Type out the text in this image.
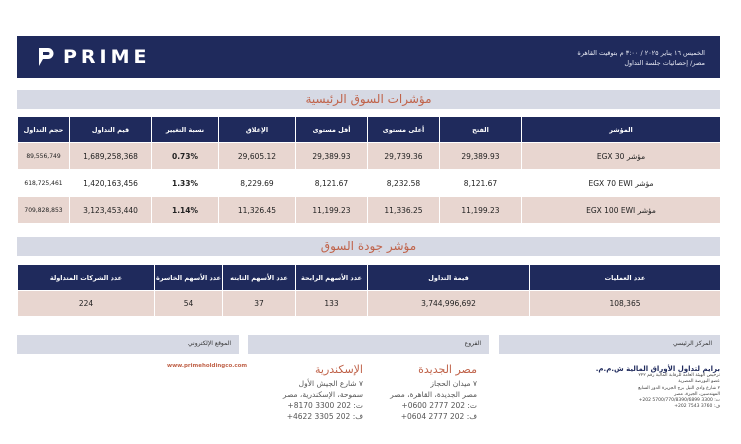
PRIME	الخميس ١٦ يناير ٢٠٢٥ / ٣:٠٠ م بتوقيت القاهرة
مصر/ إحصائيات جلسة التداول
مؤشرات السوق الرئيسية
حجم التداول	قيم التداول	نسبة التغيير	الإغلاق	أقل مستوى	أعلى مستوى	الفتح	المؤشر
89,556,749	1,689,258,368	0.73%	29,605.12	29,389.93	29,739.36	29,389.93	مؤشر EGX 30
618,725,461	1,420,163,456	1.33%	8,229.69	8,121.67	8,232.58	8,121.67	مؤشر EGX 70 EWI
709,828,853	3,123,453,440	1.14%	11,326.45	11,199.23	11,336.25	11,199.23	مؤشر EGX 100 EWI
مؤشر جودة السوق
عدد الشركات المتداولة	عدد الأسهم الخاسرة	عدد الأسهم الثابته	عدد الأسهم الرابحة	قيمة التداول	عدد العمليات
224	54	37	133	3,744,996,692	108,365
الموقع الإلكتروني	الفروع	المركز الرئيسي
برايم لتداول الأوراق المالية ش.م.م.
ترخيص الهيئة العامة للرقابة المالية رقم ٢٢٢
عضو البورصة المصرية
٢ شارع وادي النيل برج الجزيرة الدور السابع
المهندسين، الجيزة، مصر
ت: 3300 5700/770/8390/6899 202+
ف: 3760 7543 202+
مصر الجديدة
٧ ميدان الحجاز
مصر الجديدة، القاهرة، مصر
ت: 202 2777 0600+
ف: 202 2777 0604+
الإسكندرية
٧ شارع الجيش الأول
سموحة، الإسكندرية، مصر
ت: 202 3300 8170+
ف: 202 3305 4622+
www.primeholdingco.com
